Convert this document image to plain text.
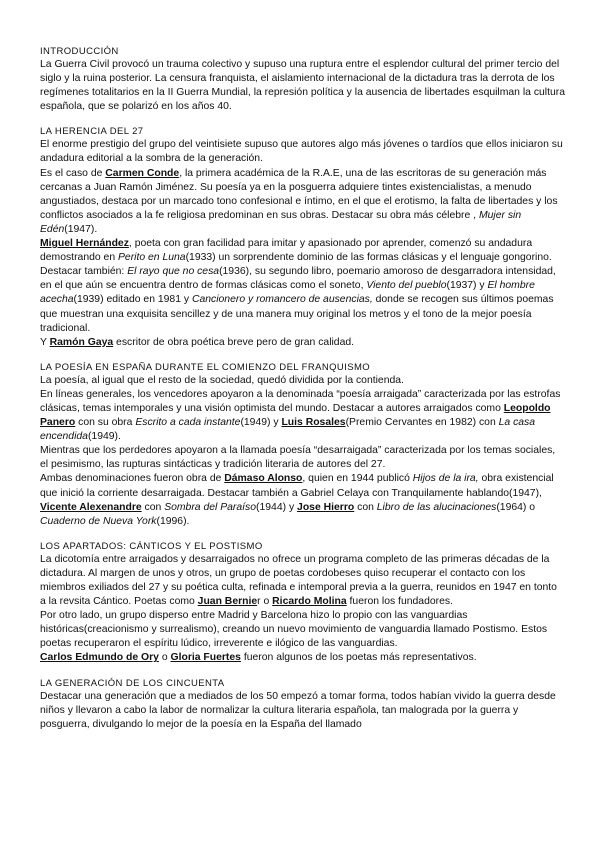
INTRODUCCIÓN

La Guerra Civil provocó un trauma colectivo y supuso una ruptura entre el esplendor cultural del primer tercio del siglo y la ruina posterior. La censura franquista, el aislamiento internacional de la dictadura tras la derrota de los regímenes totalitarios en la II Guerra Mundial, la represión política y la ausencia de libertades esquilman la cultura española, que se polarizó en los años 40.

LA HERENCIA DEL 27

El enorme prestigio del grupo del veintisiete supuso que autores algo más jóvenes o tardíos que ellos iniciaron su andadura editorial a la sombra de la generación.

Es el caso de Carmen Conde, la primera académica de la R.A.E, una de las escritoras de su generación más cercanas a Juan Ramón Jiménez. Su poesía ya en la posguerra adquiere tintes existencialistas, a menudo angustiados, destaca por un marcado tono confesional e íntimo, en el que el erotismo, la falta de libertades y los conflictos asociados a la fe religiosa predominan en sus obras. Destacar su obra más célebre , Mujer sin Edén(1947).

Miguel Hernández, poeta con gran facilidad para imitar y apasionado por aprender, comenzó su andadura demostrando en Perito en Luna(1933) un sorprendente dominio de las formas clásicas y el lenguaje gongorino. Destacar también: El rayo que no cesa(1936), su segundo libro, poemario amoroso de desgarradora intensidad, en el que aún se encuentra dentro de formas clásicas como el soneto, Viento del pueblo(1937) y El hombre acecha(1939) editado en 1981 y Cancionero y romancero de ausencias, donde se recogen sus últimos poemas que muestran una exquisita sencillez y de una manera muy original los metros y el tono de la mejor poesía tradicional.

Y Ramón Gaya escritor de obra poética breve pero de gran calidad.

LA POESÍA EN ESPAÑA DURANTE EL COMIENZO DEL FRANQUISMO

La poesía, al igual que el resto de la sociedad, quedó dividida por la contienda.

En líneas generales, los vencedores apoyaron a la denominada “poesía arraigada” caracterizada por las estrofas clásicas, temas intemporales y una visión optimista del mundo. Destacar a autores arraigados como Leopoldo Panero con su obra Escrito a cada instante(1949) y Luis Rosales(Premio Cervantes en 1982) con La casa encendida(1949).

Mientras que los perdedores apoyaron a la llamada poesía “desarraigada” caracterizada por los temas sociales, el pesimismo, las rupturas sintácticas y tradición literaria de autores del 27.

Ambas denominaciones fueron obra de Dámaso Alonso, quien en 1944 publicó Hijos de la ira, obra existencial que inició la corriente desarraigada. Destacar también a Gabriel Celaya con Tranquilamente hablando(1947), Vicente Alexenandre con Sombra del Paraíso(1944) y Jose Hierro con Libro de las alucinaciones(1964) o Cuaderno de Nueva York(1996).

LOS APARTADOS: CÁNTICOS Y EL POSTISMO

La dicotomía entre arraigados y desarraigados no ofrece un programa completo de las primeras décadas de la dictadura. Al margen de unos y otros, un grupo de poetas cordobeses quiso recuperar el contacto con los miembros exiliados del 27 y su poética culta, refinada e intemporal previa a la guerra, reunidos en 1947 en tonto a la revsita Cántico. Poetas como Juan Bernier o Ricardo Molina fueron los fundadores.

Por otro lado, un grupo disperso entre Madrid y Barcelona hizo lo propio con las vanguardias históricas(creacionismo y surrealismo), creando un nuevo movimiento de vanguardia llamado Postismo. Estos poetas recuperaron el espíritu lúdico, irreverente e ilógico de las vanguardias.

Carlos Edmundo de Ory o Gloria Fuertes fueron algunos de los poetas más representativos.

LA GENERACIÓN DE LOS CINCUENTA

Destacar una generación que a mediados de los 50 empezó a tomar forma, todos habían vivido la guerra desde niños y llevaron a cabo la labor de normalizar la cultura literaria española, tan malograda por la guerra y posguerra, divulgando lo mejor de la poesía en la España del llamado
